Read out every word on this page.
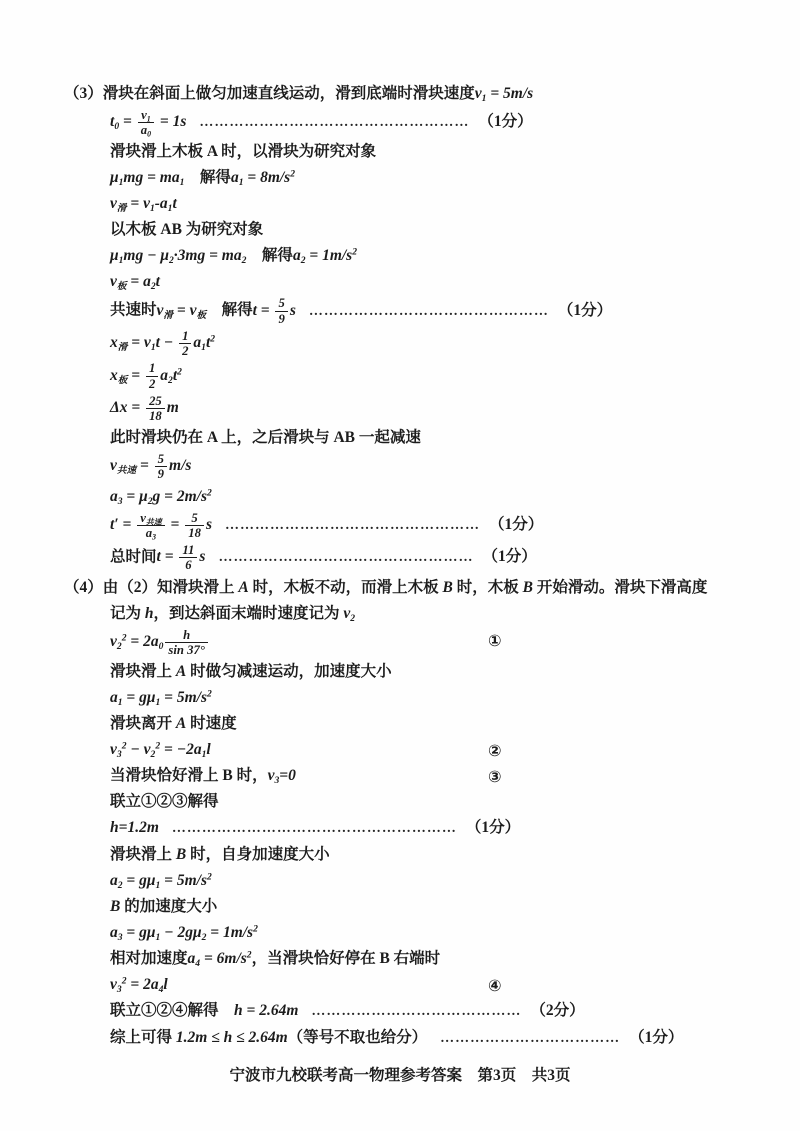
（3）滑块在斜面上做匀加速直线运动，滑到底端时滑块速度$v_1 = 5m/s$
$t_0 = \frac{v_1}{a_0} = 1s$ ……………………………………………… （1分）
滑块滑上木板 A 时，以滑块为研究对象
$\mu_1mg = ma_1$　解得$a_1 = 8m/s^2$
$v_滑 = v_1-a_1t$
以木板 AB 为研究对象
$\mu_1mg - \mu_2\cdot 3mg = ma_2$　解得$a_2 = 1m/s^2$
$v_板 = a_2t$
共速时$v_滑 = v_板$　解得$t = \frac{5}{9}$ s ………………………………………… （1分）
$x_滑 = v_1t - \frac{1}{2} a_1t^2$
$x_板 = \frac{1}{2} a_2t^2$
$\Delta x = \frac{25}{18}$ m
此时滑块仍在 A 上，之后滑块与 AB 一起减速
$v_{共速} = \frac{5}{9} m/s$
$a_3 = \mu_2g = 2m/s^2$
$t' = \frac{v_{共速}}{a_3} = \frac{5}{18}$ s …………………………………………… （1分）
总时间$t = \frac{11}{6}$ s …………………………………………… （1分）
（4）由（2）知滑块滑上 A 时，木板不动，而滑上木板 B 时，木板 B 开始滑动。滑块下滑高度
记为 h，到达斜面末端时速度记为 $v_2$
$v_2^2 = 2a_0 \frac{h}{\sin 37^\circ}$	①
滑块滑上 A 时做匀减速运动，加速度大小
$a_1 = g\mu_1 = 5m/s^2$
滑块离开 A 时速度
$v_3^2 - v_2^2 = -2a_1l$	②
当滑块恰好滑上 B 时，$v_3=0$	③
联立①②③解得
h=1.2m ………………………………………………… （1分）
滑块滑上 B 时，自身加速度大小
$a_2 = g\mu_1 = 5m/s^2$
B 的加速度大小
$a_3 = g\mu_1 - 2g\mu_2 = 1m/s^2$
相对加速度$a_4 = 6m/s^2$，当滑块恰好停在 B 右端时
$v_3^2 = 2a_4l$	④
联立①②④解得　h = 2.64m …………………………………… （2分）
综上可得 1.2m ≤ h ≤ 2.64m（等号不取也给分） ……………………………… （1分）
宁波市九校联考高一物理参考答案　第3页　共3页
